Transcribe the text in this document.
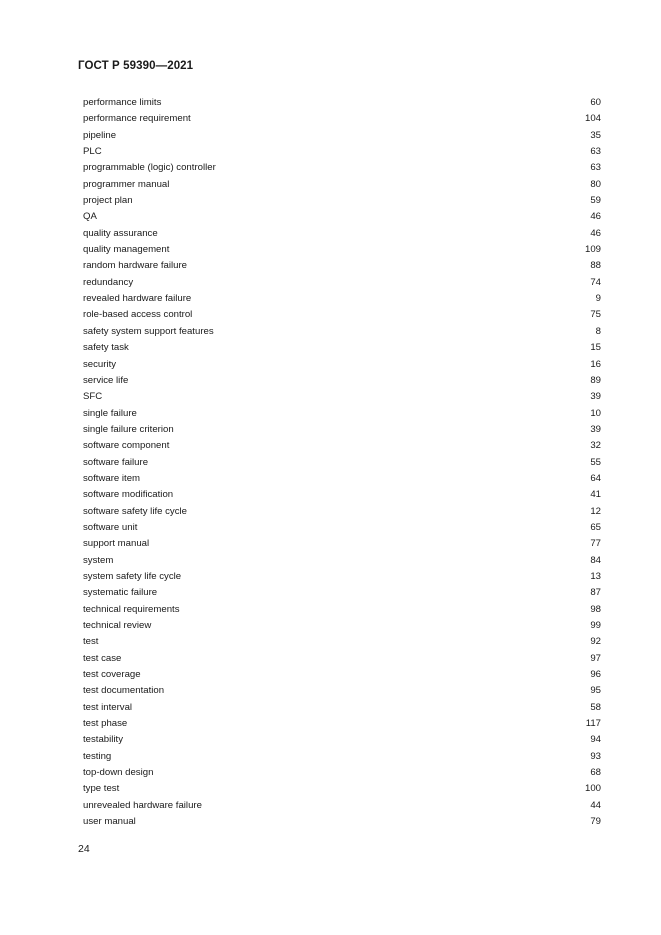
ГОСТ Р 59390—2021
performance limits	60
performance requirement	104
pipeline	35
PLC	63
programmable (logic) controller	63
programmer manual	80
project plan	59
QA	46
quality assurance	46
quality management	109
random hardware failure	88
redundancy	74
revealed hardware failure	9
role-based access control	75
safety system support features	8
safety task	15
security	16
service life	89
SFC	39
single failure	10
single failure criterion	39
software component	32
software failure	55
software item	64
software modification	41
software safety life cycle	12
software unit	65
support manual	77
system	84
system safety life cycle	13
systematic failure	87
technical requirements	98
technical review	99
test	92
test case	97
test coverage	96
test documentation	95
test interval	58
test phase	117
testability	94
testing	93
top-down design	68
type test	100
unrevealed hardware failure	44
user manual	79
24
